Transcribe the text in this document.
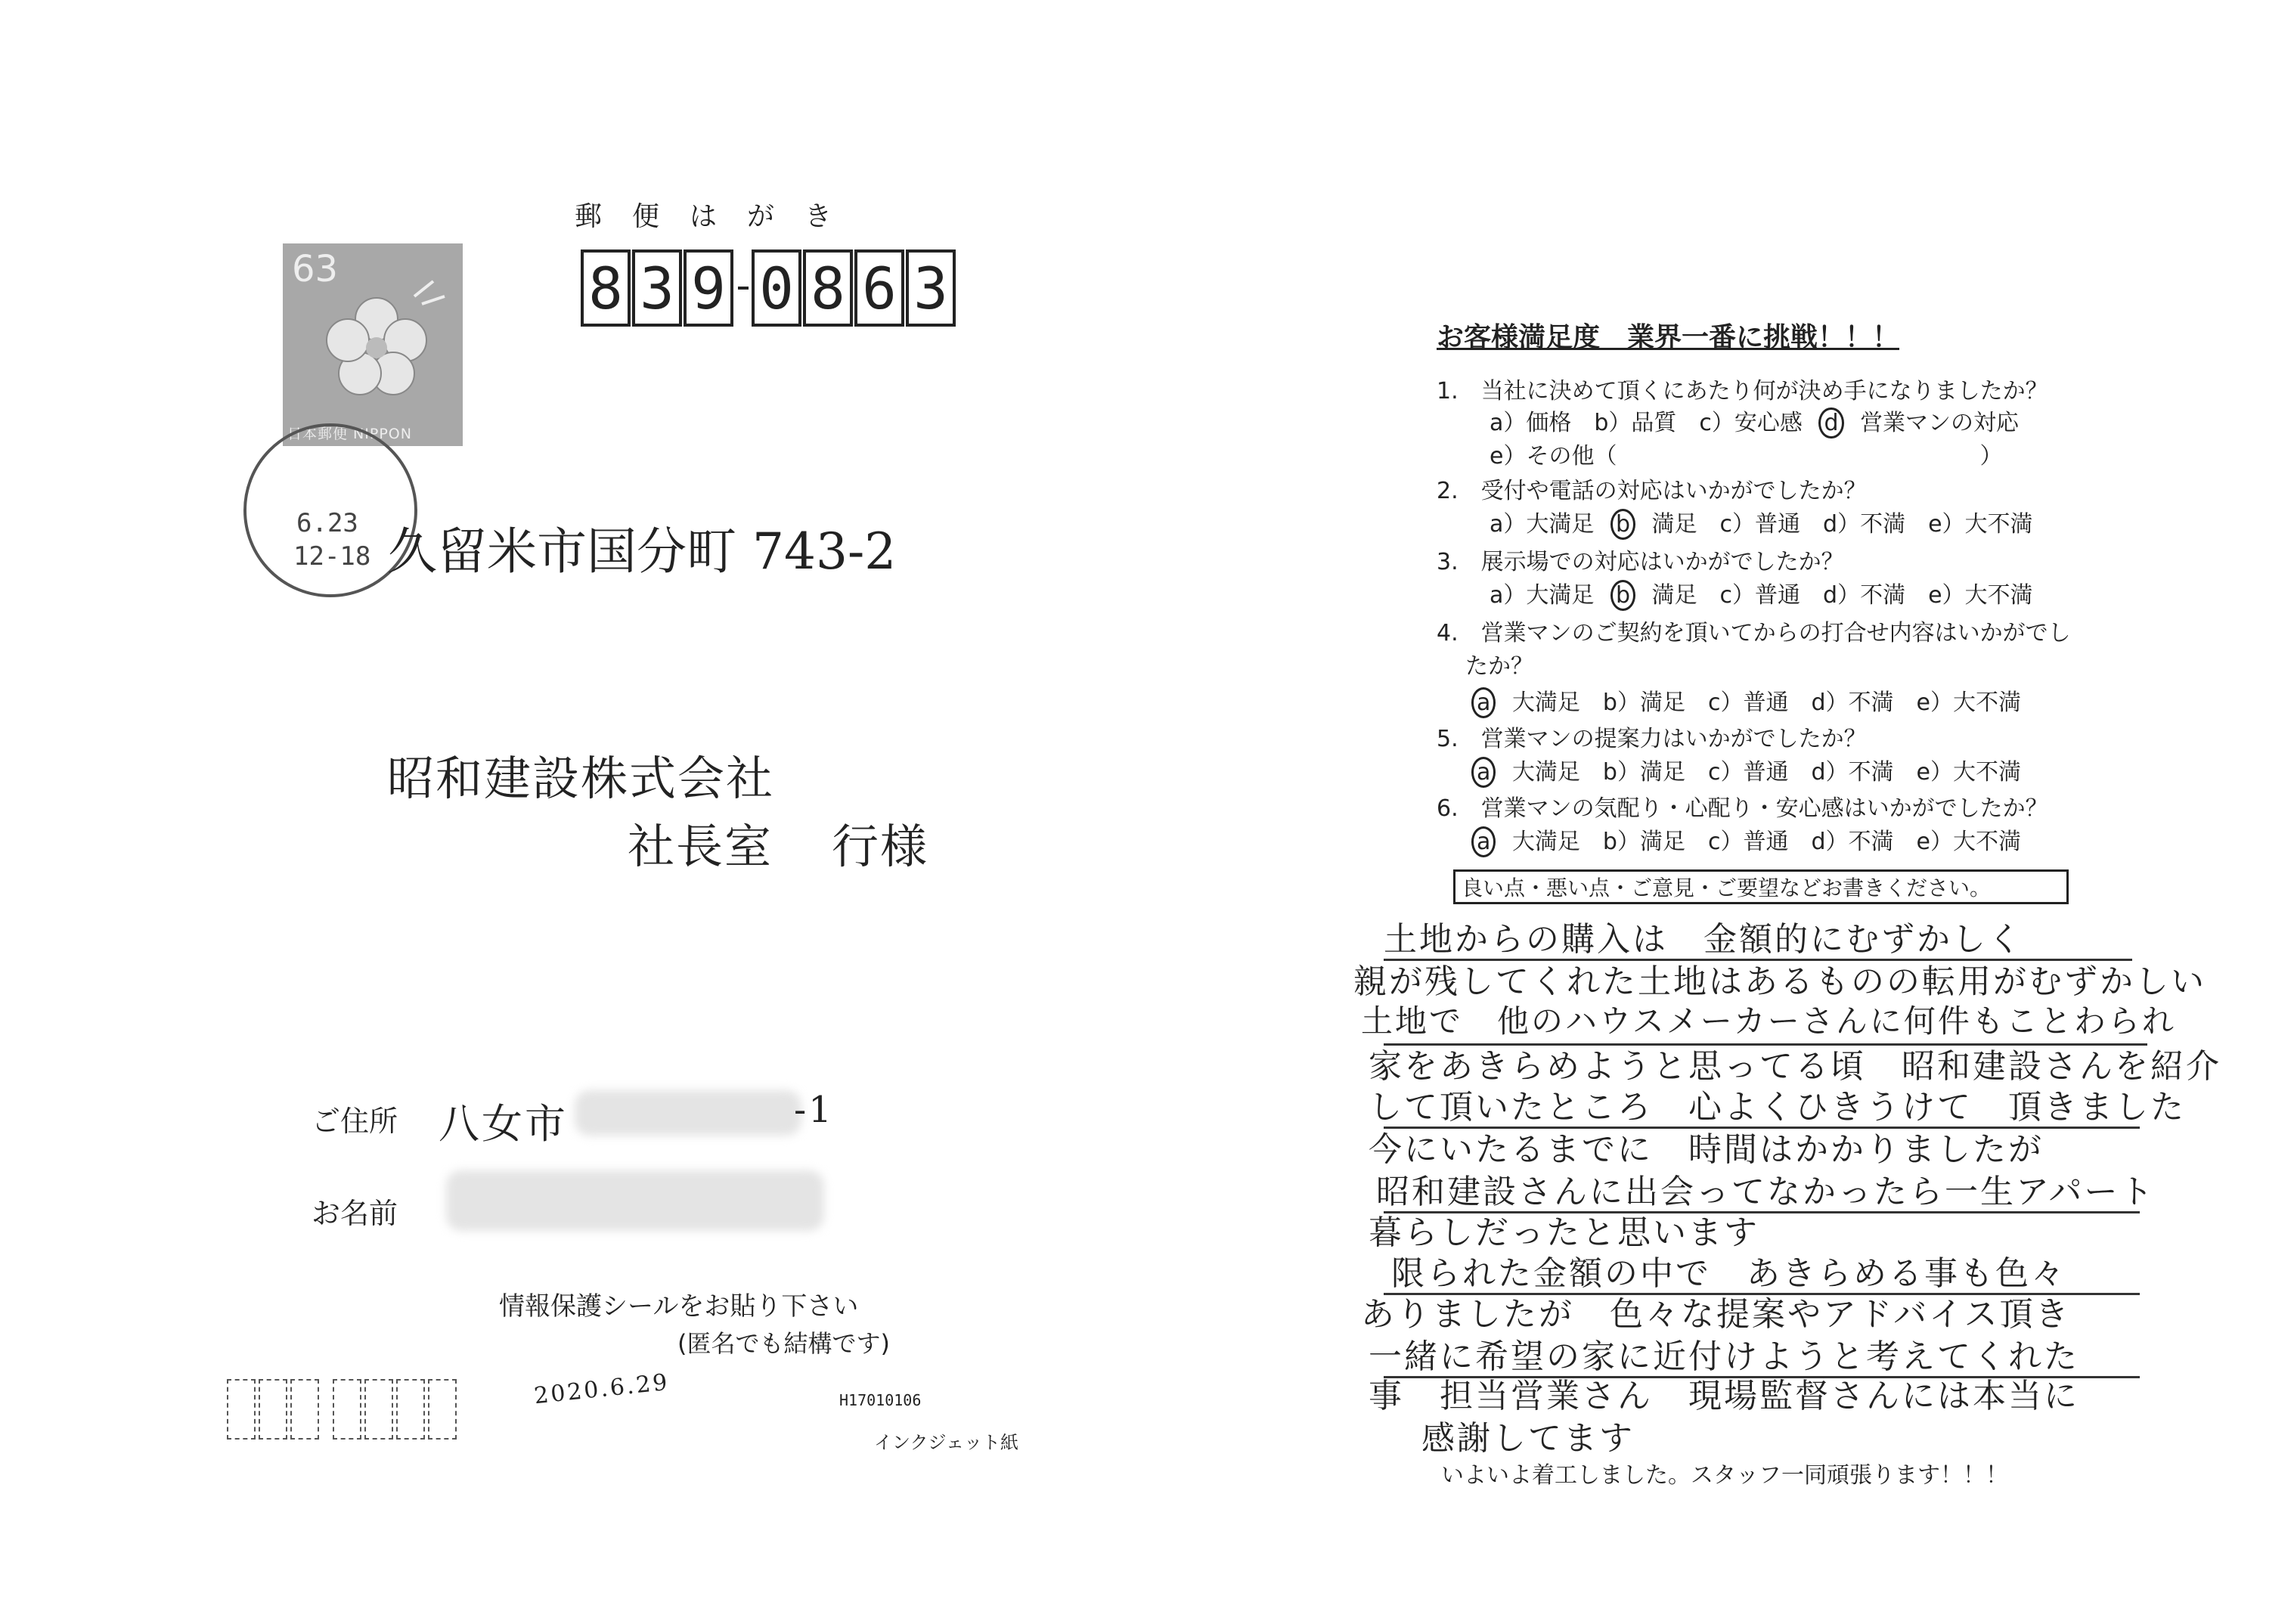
郵便はがき
63
日本郵便 NIPPON
6.23
12-18
8 3 9 0 8 6 3
久留米市国分町 743-2
昭和建設株式会社
社長室 行様
ご住所 八女市	-1
お名前
情報保護シールをお貼り下さい
(匿名でも結構です)
2020.6.29	H17010106
インクジェット紙
お客様満足度　業界一番に挑戦！！！
1.　当社に決めて頂くにあたり何が決め手になりましたか？
a）価格　b）品質　c）安心感 d 営業マンの対応
e）その他（　　　　　　　　　　　　　　　　）
2.　受付や電話の対応はいかがでしたか？
a）大満足 b 満足　c）普通　d）不満　e）大不満
3.　展示場での対応はいかがでしたか？
a）大満足 b 満足　c）普通　d）不満　e）大不満
4.　営業マンのご契約を頂いてからの打合せ内容はいかがでし
たか？
a 大満足　b）満足　c）普通　d）不満　e）大不満
5.　営業マンの提案力はいかがでしたか？
a 大満足　b）満足　c）普通　d）不満　e）大不満
6.　営業マンの気配り・心配り・安心感はいかがでしたか？
a 大満足　b）満足　c）普通　d）不満　e）大不満
良い点・悪い点・ご意見・ご要望などお書きください。
土地からの購入は　金額的にむずかしく
親が残してくれた土地はあるものの転用がむずかしい
土地で　他のハウスメーカーさんに何件もことわられ
家をあきらめようと思ってる頃　昭和建設さんを紹介
して頂いたところ　心よくひきうけて　頂きました
今にいたるまでに　時間はかかりましたが
昭和建設さんに出会ってなかったら一生アパート
暮らしだったと思います
限られた金額の中で　あきらめる事も色々
ありましたが　色々な提案やアドバイス頂き
一緒に希望の家に近付けようと考えてくれた
事　担当営業さん　現場監督さんには本当に
感謝してます
いよいよ着工しました。スタッフ一同頑張ります！！！
